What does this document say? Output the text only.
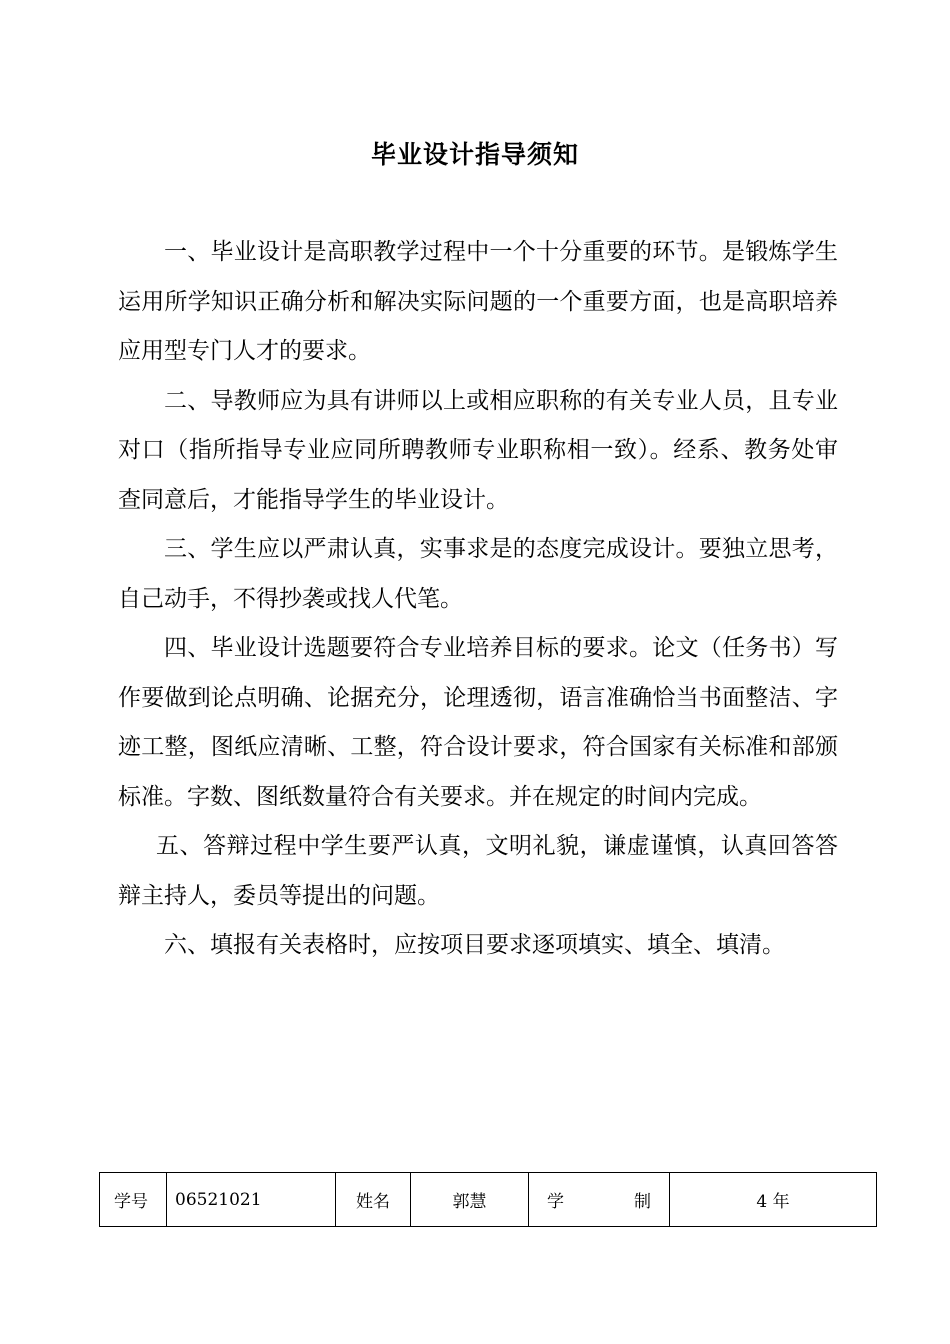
毕业设计指导须知

一、毕业设计是高职教学过程中一个十分重要的环节。是锻炼学生运用所学知识正确分析和解决实际问题的一个重要方面，也是高职培养应用型专门人才的要求。

二、导教师应为具有讲师以上或相应职称的有关专业人员，且专业对口（指所指导专业应同所聘教师专业职称相一致）。经系、教务处审查同意后，才能指导学生的毕业设计。

三、学生应以严肃认真，实事求是的态度完成设计。要独立思考，自己动手，不得抄袭或找人代笔。

四、毕业设计选题要符合专业培养目标的要求。论文（任务书）写作要做到论点明确、论据充分，论理透彻，语言准确恰当书面整洁、字迹工整，图纸应清晰、工整，符合设计要求，符合国家有关标准和部颁标准。字数、图纸数量符合有关要求。并在规定的时间内完成。

五、答辩过程中学生要严认真，文明礼貌，谦虚谨慎，认真回答答辩主持人，委员等提出的问题。

六、填报有关表格时，应按项目要求逐项填实、填全、填清。

学号	06521021	姓名	郭慧	学制	4 年
